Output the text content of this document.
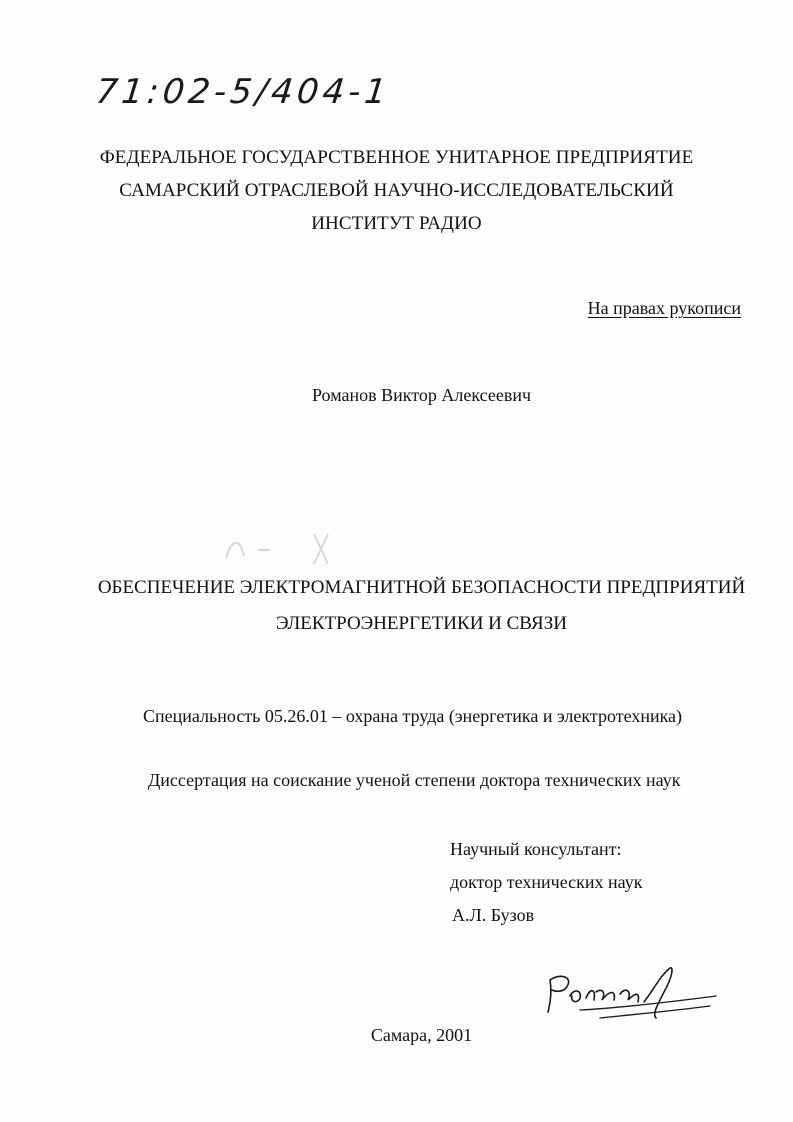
71:02-5/404-1
ФЕДЕРАЛЬНОЕ ГОСУДАРСТВЕННОЕ УНИТАРНОЕ ПРЕДПРИЯТИЕ
САМАРСКИЙ ОТРАСЛЕВОЙ НАУЧНО-ИССЛЕДОВАТЕЛЬСКИЙ
ИНСТИТУТ РАДИО
На правах рукописи
Романов Виктор Алексеевич
ОБЕСПЕЧЕНИЕ ЭЛЕКТРОМАГНИТНОЙ БЕЗОПАСНОСТИ ПРЕДПРИЯТИЙ
ЭЛЕКТРОЭНЕРГЕТИКИ И СВЯЗИ
Специальность 05.26.01 – охрана труда (энергетика и электротехника)
Диссертация на соискание ученой степени доктора технических наук
Научный консультант:
доктор технических наук
А.Л. Бузов
Самара, 2001
